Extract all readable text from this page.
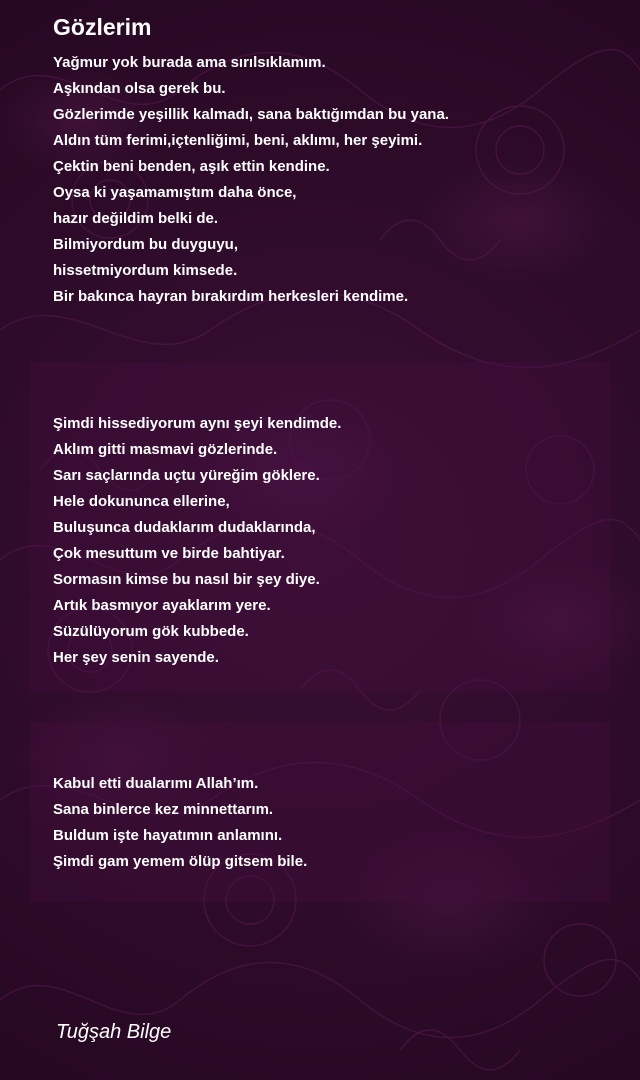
Gözlerim
Yağmur yok burada ama sırılsıklamım.
Aşkından olsa gerek bu.
Gözlerimde yeşillik kalmadı, sana baktığımdan bu yana.
Aldın tüm ferimi,içtenliğimi, beni, aklımı, her şeyimi.
Çektin beni benden, aşık ettin kendine.
Oysa ki yaşamamıştım daha önce,
hazır değildim belki de.
Bilmiyordum bu duyguyu,
hissetmiyordum kimsede.
Bir bakınca hayran bırakırdım herkesleri kendime.
Şimdi hissediyorum aynı şeyi kendimde.
Aklım gitti masmavi gözlerinde.
Sarı saçlarında uçtu yüreğim göklere.
Hele dokununca ellerine,
Buluşunca dudaklarım dudaklarında,
Çok mesuttum ve birde bahtiyar.
Sormasın kimse bu nasıl bir şey diye.
Artık basmıyor ayaklarım yere.
Süzülüyorum gök kubbede.
Her şey senin sayende.
Kabul etti dualarımı Allah’ım.
Sana binlerce kez minnettarım.
Buldum işte hayatımın anlamını.
Şimdi gam yemem ölüp gitsem bile.
Tuğşah Bilge
